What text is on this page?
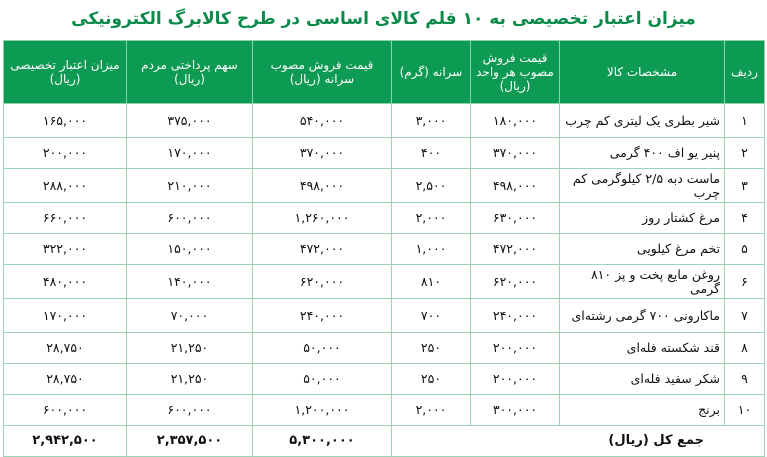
میزان اعتبار تخصیصی به ۱۰ قلم کالای اساسی در طرح کالابرگ الکترونیکی
ردیف	مشخصات کالا	قیمت فروش مصوب هر واحد (ریال)	سرانه (گرم)	قیمت فروش مصوب سرانه (ریال)	سهم پرداختی مردم (ریال)	میزان اعتبار تخصیصی (ریال)
۱	شیر بطری یک لیتری کم چرب	۱۸۰,۰۰۰	۳,۰۰۰	۵۴۰,۰۰۰	۳۷۵,۰۰۰	۱۶۵,۰۰۰
۲	پنیر یو اف ۴۰۰ گرمی	۳۷۰,۰۰۰	۴۰۰	۳۷۰,۰۰۰	۱۷۰,۰۰۰	۲۰۰,۰۰۰
۳	ماست دبه ۲/۵ کیلوگرمی کم چرب	۴۹۸,۰۰۰	۲,۵۰۰	۴۹۸,۰۰۰	۲۱۰,۰۰۰	۲۸۸,۰۰۰
۴	مرغ کشتار روز	۶۳۰,۰۰۰	۲,۰۰۰	۱,۲۶۰,۰۰۰	۶۰۰,۰۰۰	۶۶۰,۰۰۰
۵	تخم مرغ کیلویی	۴۷۲,۰۰۰	۱,۰۰۰	۴۷۲,۰۰۰	۱۵۰,۰۰۰	۳۲۲,۰۰۰
۶	روغن مایع پخت و پز ۸۱۰ گرمی	۶۲۰,۰۰۰	۸۱۰	۶۲۰,۰۰۰	۱۴۰,۰۰۰	۴۸۰,۰۰۰
۷	ماکارونی ۷۰۰ گرمی رشته‌ای	۲۴۰,۰۰۰	۷۰۰	۲۴۰,۰۰۰	۷۰,۰۰۰	۱۷۰,۰۰۰
۸	قند شکسته فله‌ای	۲۰۰,۰۰۰	۲۵۰	۵۰,۰۰۰	۲۱,۲۵۰	۲۸,۷۵۰
۹	شکر سفید فله‌ای	۲۰۰,۰۰۰	۲۵۰	۵۰,۰۰۰	۲۱,۲۵۰	۲۸,۷۵۰
۱۰	برنج	۳۰۰,۰۰۰	۲,۰۰۰	۱,۲۰۰,۰۰۰	۶۰۰,۰۰۰	۶۰۰,۰۰۰
جمع کل (ریال)				۵,۳۰۰,۰۰۰	۲,۳۵۷,۵۰۰	۲,۹۴۲,۵۰۰
